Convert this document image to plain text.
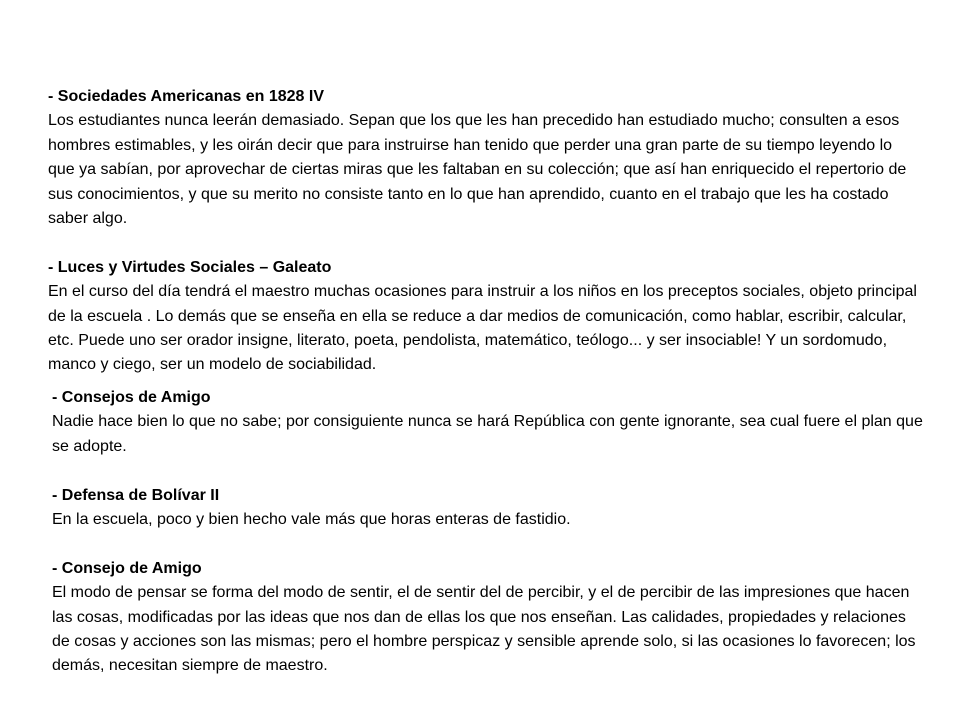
- Sociedades Americanas en 1828 IV
Los estudiantes nunca leerán demasiado. Sepan que los que les han precedido han estudiado mucho; consulten a esos hombres estimables, y les oirán decir que para instruirse han tenido que perder una gran parte de su tiempo leyendo lo que ya sabían, por aprovechar de ciertas miras que les faltaban en su colección; que así han enriquecido el repertorio de sus conocimientos, y que su merito no consiste tanto en lo que han aprendido, cuanto en el trabajo que les ha costado saber algo.
- Luces y Virtudes Sociales – Galeato
En el curso del día tendrá el maestro muchas ocasiones para instruir a los niños en los preceptos sociales, objeto principal de la escuela . Lo demás que se enseña en ella se reduce a dar medios de comunicación, como hablar, escribir, calcular, etc. Puede uno ser orador insigne, literato, poeta, pendolista, matemático, teólogo... y ser insociable! Y un sordomudo, manco y ciego, ser un modelo de sociabilidad.
- Consejos de Amigo
Nadie hace bien lo que no sabe; por consiguiente nunca se hará República con gente ignorante, sea cual fuere el plan que se adopte.
- Defensa de Bolívar II
En la escuela, poco y bien hecho vale más que horas enteras de fastidio.
- Consejo de Amigo
El modo de pensar se forma del modo de sentir, el de sentir del de percibir, y el de percibir de las impresiones que hacen las cosas, modificadas por las ideas que nos dan de ellas los que nos enseñan. Las calidades, propiedades y relaciones de cosas y acciones son las mismas; pero el hombre perspicaz y sensible aprende solo, si las ocasiones lo favorecen; los demás, necesitan siempre de maestro.
